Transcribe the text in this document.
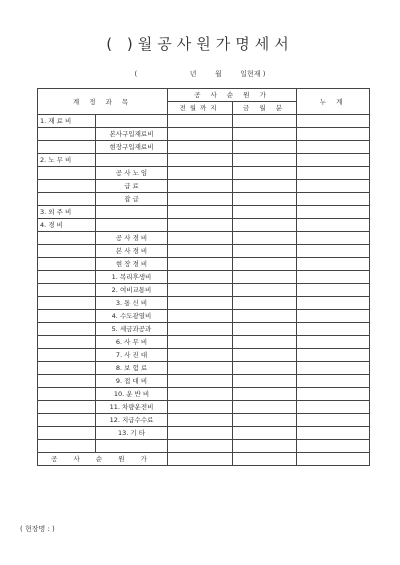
( )월공사원가명세서
(	년	월	일현재 )
계 정 과 목		공 사 순 원 가		누 계
		전월까지	금 월 분	
1. 재 료 비				
	본사구입재료비			
	현장구입재료비			
2. 노 무 비				
	공 사 노 임			
	급 료			
	잡 급			
3. 외 주 비				
4. 경 비				
	공 사 경 비			
	본 사 경 비			
	현 장 경 비			
	1. 복리후생비			
	2. 여비교통비			
	3. 통 신 비			
	4. 수도광열비			
	5. 세금과공과			
	6. 사 무 비			
	7. 사 진 대			
	8. 보 험 료			
	9. 접 대 비			
	10. 운 반 비			
	11. 차량운전비			
	12. 지급수수료			
	13. 기 타			

공 사 순 원 가				
( 현장명 : )
